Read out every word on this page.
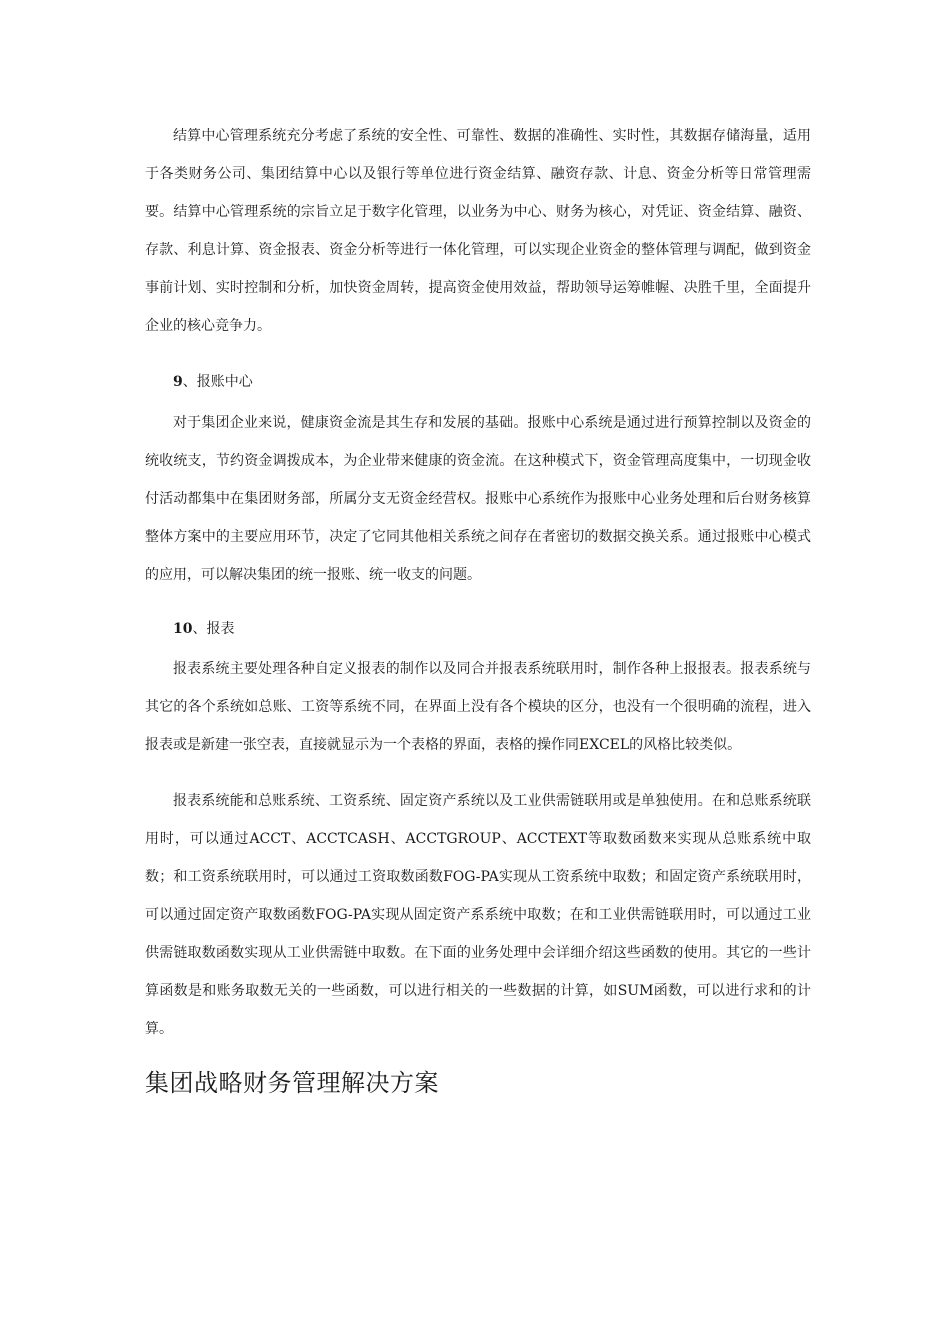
结算中心管理系统充分考虑了系统的安全性、可靠性、数据的准确性、实时性，其数据存储海量，适用于各类财务公司、集团结算中心以及银行等单位进行资金结算、融资存款、计息、资金分析等日常管理需要。结算中心管理系统的宗旨立足于数字化管理，以业务为中心、财务为核心，对凭证、资金结算、融资、存款、利息计算、资金报表、资金分析等进行一体化管理，可以实现企业资金的整体管理与调配，做到资金事前计划、实时控制和分析，加快资金周转，提高资金使用效益，帮助领导运筹帷幄、决胜千里，全面提升企业的核心竞争力。

9、报账中心

对于集团企业来说，健康资金流是其生存和发展的基础。报账中心系统是通过进行预算控制以及资金的统收统支，节约资金调拨成本，为企业带来健康的资金流。在这种模式下，资金管理高度集中，一切现金收付活动都集中在集团财务部，所属分支无资金经营权。报账中心系统作为报账中心业务处理和后台财务核算整体方案中的主要应用环节，决定了它同其他相关系统之间存在者密切的数据交换关系。通过报账中心模式的应用，可以解决集团的统一报账、统一收支的问题。

10、报表

报表系统主要处理各种自定义报表的制作以及同合并报表系统联用时，制作各种上报报表。报表系统与其它的各个系统如总账、工资等系统不同，在界面上没有各个模块的区分，也没有一个很明确的流程，进入报表或是新建一张空表，直接就显示为一个表格的界面，表格的操作同EXCEL的风格比较类似。

报表系统能和总账系统、工资系统、固定资产系统以及工业供需链联用或是单独使用。在和总账系统联用时，可以通过ACCT、ACCTCASH、ACCTGROUP、ACCTEXT等取数函数来实现从总账系统中取数；和工资系统联用时，可以通过工资取数函数FOG-PA实现从工资系统中取数；和固定资产系统联用时，可以通过固定资产取数函数FOG-PA实现从固定资产系系统中取数；在和工业供需链联用时，可以通过工业供需链取数函数实现从工业供需链中取数。在下面的业务处理中会详细介绍这些函数的使用。其它的一些计算函数是和账务取数无关的一些函数，可以进行相关的一些数据的计算，如SUM函数，可以进行求和的计算。

集团战略财务管理解决方案
